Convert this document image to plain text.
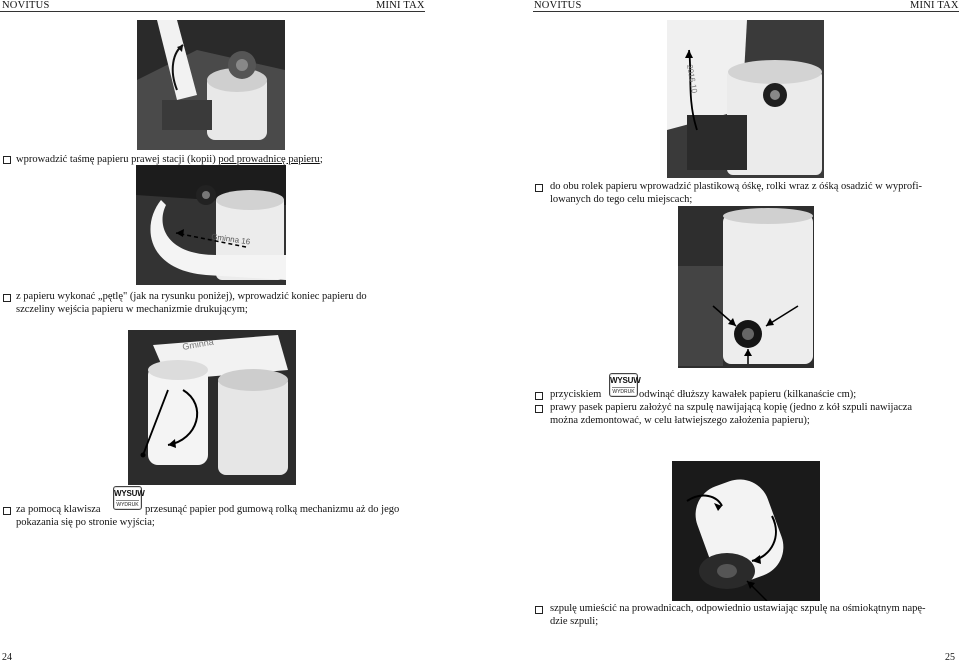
NOVITUS	MINI TAX	NOVITUS	MINI TAX
wprowadzić taśmę papieru prawej stacji (kopii) pod prowadnicę papieru;
Gminna 16
z papieru wykonać „pętlę" (jak na rysunku poniżej), wprowadzić koniec papieru do
szczeliny wejścia papieru w mechanizmie drukującym;
Gminna
za pomocą klawisza
WYSUW
WYDRUK przesunąć papier pod gumową rolką mechanizmu aż do jego
pokazania się po stronie wyjścia;
24
2016 10
do obu rolek papieru wprowadzić plastikową óśkę, rolki wraz z óśką osadzić w wyprofi-
lowanych do tego celu miejscach;
przyciskiem
WYSUW
WYDRUK odwinąć dłuższy kawałek papieru (kilkanaście cm);
prawy pasek papieru założyć na szpulę nawijającą kopię (jedno z kół szpuli nawijacza
można zdemontować, w celu łatwiejszego założenia papieru);
szpulę umieścić na prowadnicach, odpowiednio ustawiając szpulę na ośmiokątnym napę-
dzie szpuli;
25
